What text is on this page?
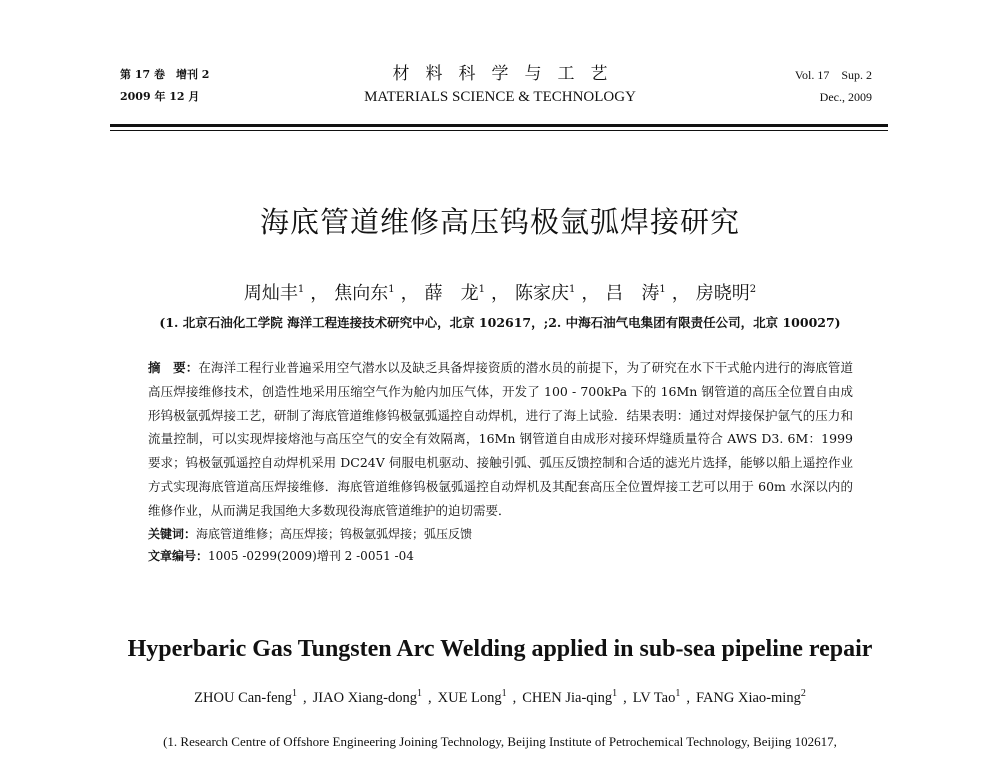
第 17 卷　增刊 2
2009 年 12 月
材料科学与工艺
MATERIALS SCIENCE & TECHNOLOGY
Vol. 17　Sup. 2
Dec., 2009
海底管道维修高压钨极氩弧焊接研究
周灿丰$^1$ ， 焦向东$^1$ ， 薛　龙$^1$ ， 陈家庆$^1$ ， 吕　涛$^1$ ， 房晓明$^2$
(1. 北京石油化工学院 海洋工程连接技术研究中心，北京 102617，;2. 中海石油气电集团有限责任公司，北京 100027)
摘　要：在海洋工程行业普遍采用空气潜水以及缺乏具备焊接资质的潜水员的前提下，为了研究在水下干式舱内进行的海底管道高压焊接维修技术，创造性地采用压缩空气作为舱内加压气体，开发了 100 - 700kPa 下的 16Mn 钢管道的高压全位置自由成形钨极氩弧焊接工艺，研制了海底管道维修钨极氩弧遥控自动焊机，进行了海上试验．结果表明：通过对焊接保护氩气的压力和流量控制，可以实现焊接熔池与高压空气的安全有效隔离，16Mn 钢管道自由成形对接环焊缝质量符合 AWS D3. 6M：1999 要求；钨极氩弧遥控自动焊机采用 DC24V 伺服电机驱动、接触引弧、弧压反馈控制和合适的滤光片选择，能够以船上遥控作业方式实现海底管道高压焊接维修．海底管道维修钨极氩弧遥控自动焊机及其配套高压全位置焊接工艺可以用于 60m 水深以内的维修作业，从而满足我国绝大多数现役海底管道维护的迫切需要．
关键词：海底管道维修；高压焊接；钨极氩弧焊接；弧压反馈
文章编号：1005 -0299(2009)增刊 2 -0051 -04
Hyperbaric Gas Tungsten Arc Welding applied in sub-sea pipeline repair
ZHOU Can-feng$^1$ , JIAO Xiang-dong$^1$ , XUE Long$^1$ , CHEN Jia-qing$^1$ , LV Tao$^1$ , FANG Xiao-ming$^2$
(1. Research Centre of Offshore Engineering Joining Technology, Beijing Institute of Petrochemical Technology, Beijing 102617,
